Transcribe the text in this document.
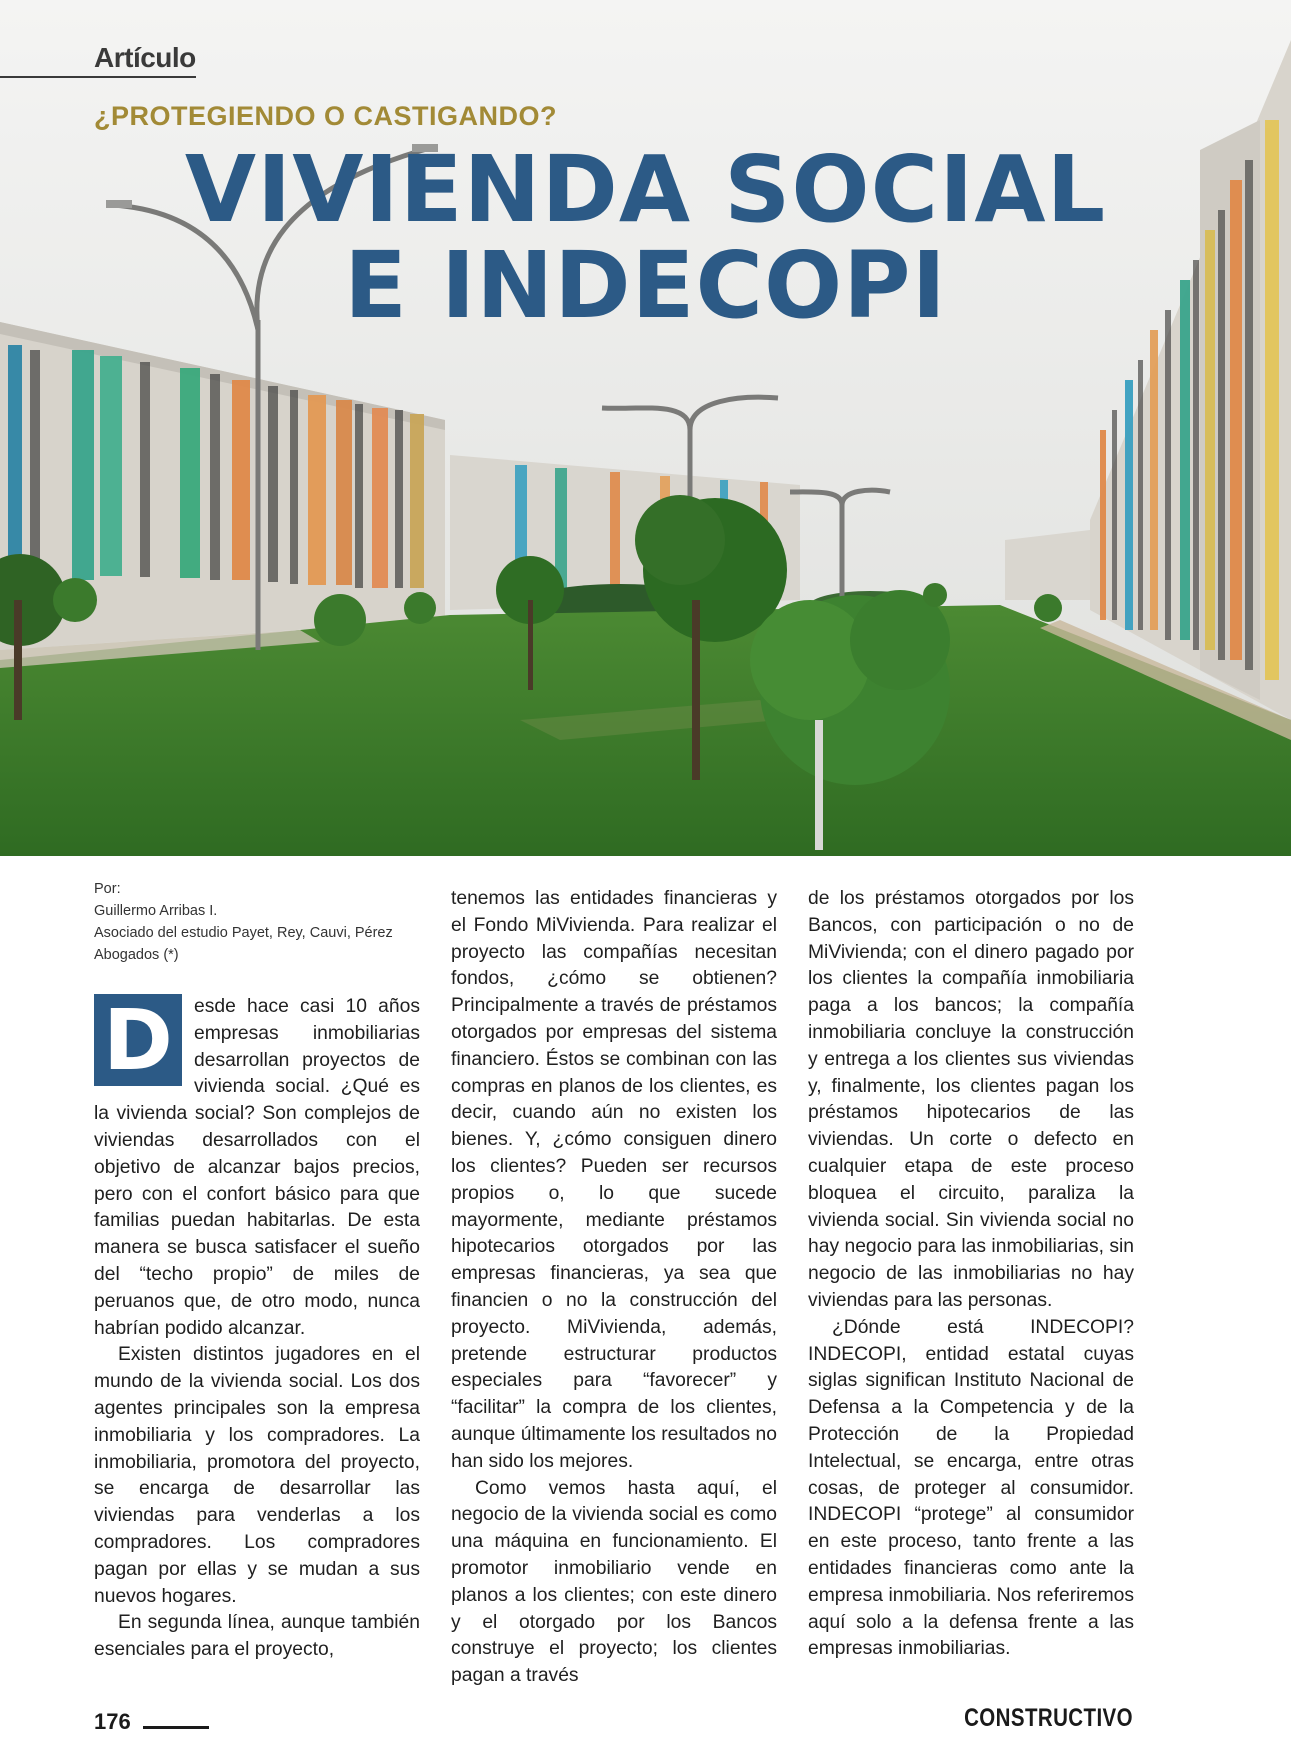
Artículo
¿PROTEGIENDO O CASTIGANDO?
VIVIENDA SOCIAL
E INDECOPI
Por:
Guillermo Arribas I.
Asociado del estudio Payet, Rey, Cauvi, Pérez Abogados (*)

D	esde hace casi 10 años empresas inmobiliarias desarrollan proyectos de vivienda social. ¿Qué es la vivienda social? Son complejos de viviendas desarrollados con el objetivo de alcanzar bajos precios, pero con el confort básico para que familias puedan habitarlas. De esta manera se busca satisfacer el sueño del “techo propio” de miles de peruanos que, de otro modo, nunca habrían podido alcanzar.

Existen distintos jugadores en el mundo de la vivienda social. Los dos agentes principales son la empresa inmobiliaria y los compradores. La inmobiliaria, promotora del proyecto, se encarga de desarrollar las viviendas para venderlas a los compradores. Los compradores pagan por ellas y se mudan a sus nuevos hogares.

En segunda línea, aunque también esenciales para el proyecto,

tenemos las entidades financieras y el Fondo MiVivienda. Para realizar el proyecto las compañías necesitan fondos, ¿cómo se obtienen? Principalmente a través de préstamos otorgados por empresas del sistema financiero. Éstos se combinan con las compras en planos de los clientes, es decir, cuando aún no existen los bienes. Y, ¿cómo consiguen dinero los clientes? Pueden ser recursos propios o, lo que sucede mayormente, mediante préstamos hipotecarios otorgados por las empresas financieras, ya sea que financien o no la construcción del proyecto. MiVivienda, además, pretende estructurar productos especiales para “favorecer” y “facilitar” la compra de los clientes, aunque últimamente los resultados no han sido los mejores.

Como vemos hasta aquí, el negocio de la vivienda social es como una máquina en funcionamiento. El promotor inmobiliario vende en planos a los clientes; con este dinero y el otorgado por los Bancos construye el proyecto; los clientes pagan a través

de los préstamos otorgados por los Bancos, con participación o no de MiVivienda; con el dinero pagado por los clientes la compañía inmobiliaria paga a los bancos; la compañía inmobiliaria concluye la construcción y entrega a los clientes sus viviendas y, finalmente, los clientes pagan los préstamos hipotecarios de las viviendas. Un corte o defecto en cualquier etapa de este proceso bloquea el circuito, paraliza la vivienda social. Sin vivienda social no hay negocio para las inmobiliarias, sin negocio de las inmobiliarias no hay viviendas para las personas.

¿Dónde está INDECOPI? INDECOPI, entidad estatal cuyas siglas significan Instituto Nacional de Defensa a la Competencia y de la Protección de la Propiedad Intelectual, se encarga, entre otras cosas, de proteger al consumidor. INDECOPI “protege” al consumidor en este proceso, tanto frente a las entidades financieras como ante la empresa inmobiliaria. Nos referiremos aquí solo a la defensa frente a las empresas inmobiliarias.

176	CONSTRUCTIVO
